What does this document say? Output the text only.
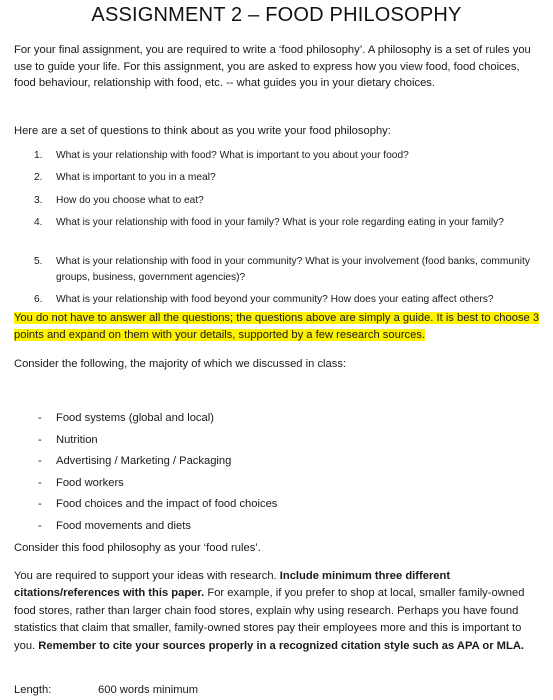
ASSIGNMENT 2 – FOOD PHILOSOPHY

For your final assignment, you are required to write a ‘food philosophy’. A philosophy is a set of rules you use to guide your life. For this assignment, you are asked to express how you view food, food choices, food behaviour, relationship with food, etc. -- what guides you in your dietary choices.

Here are a set of questions to think about as you write your food philosophy:

1. What is your relationship with food? What is important to you about your food?
2. What is important to you in a meal?
3. How do you choose what to eat?
4. What is your relationship with food in your family? What is your role regarding eating in your family?
5. What is your relationship with food in your community? What is your involvement (food banks, community groups, business, government agencies)?
6. What is your relationship with food beyond your community? How does your eating affect others?

You do not have to answer all the questions; the questions above are simply a guide. It is best to choose 3 points and expand on them with your details, supported by a few research sources.

Consider the following, the majority of which we discussed in class:

- Food systems (global and local)
- Nutrition
- Advertising / Marketing / Packaging
- Food workers
- Food choices and the impact of food choices
- Food movements and diets

Consider this food philosophy as your ‘food rules’.

You are required to support your ideas with research. Include minimum three different citations/references with this paper. For example, if you prefer to shop at local, smaller family-owned food stores, rather than larger chain food stores, explain why using research. Perhaps you have found statistics that claim that smaller, family-owned stores pay their employees more and this is important to you. Remember to cite your sources properly in a recognized citation style such as APA or MLA.

Length:	600 words minimum
